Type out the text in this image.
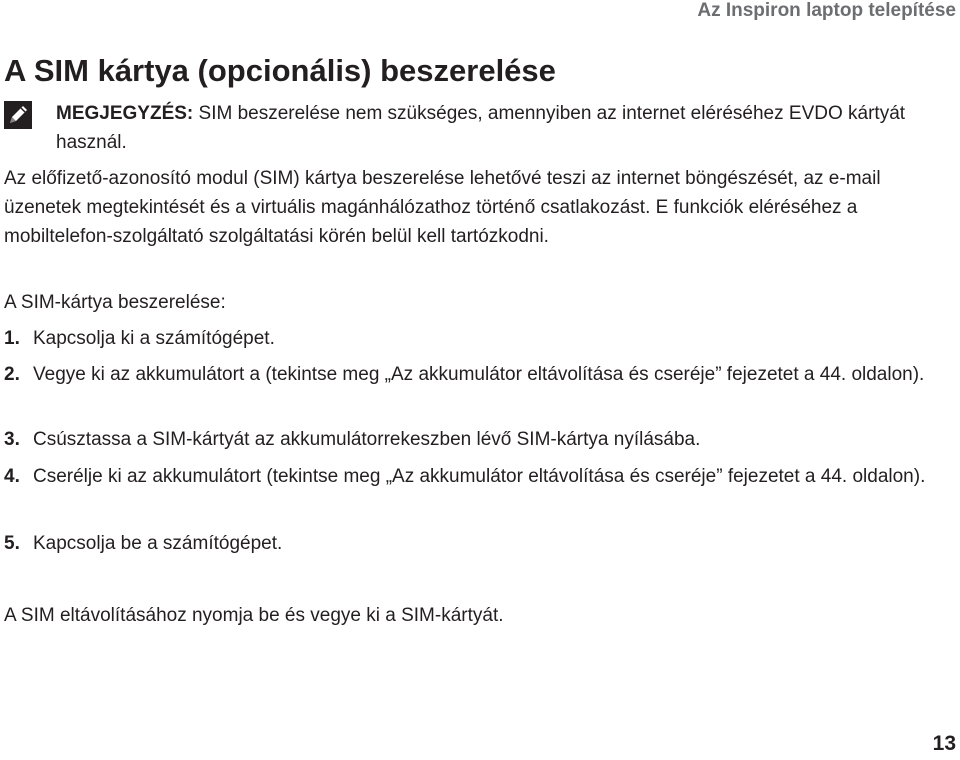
Az Inspiron laptop telepítése
A SIM kártya (opcionális) beszerelése
MEGJEGYZÉS: SIM beszerelése nem szükséges, amennyiben az internet eléréséhez EVDO kártyát használ.

Az előfizető-azonosító modul (SIM) kártya beszerelése lehetővé teszi az internet böngészését, az e-mail üzenetek megtekintését és a virtuális magánhálózathoz történő csatlakozást. E funkciók eléréséhez a mobiltelefon-szolgáltató szolgáltatási körén belül kell tartózkodni.

A SIM-kártya beszerelése:

1. Kapcsolja ki a számítógépet.
2. Vegye ki az akkumulátort a (tekintse meg „Az akkumulátor eltávolítása és cseréje” fejezetet a 44. oldalon).
3. Csúsztassa a SIM-kártyát az akkumulátorrekeszben lévő SIM-kártya nyílásába.
4. Cserélje ki az akkumulátort (tekintse meg „Az akkumulátor eltávolítása és cseréje” fejezetet a 44. oldalon).
5. Kapcsolja be a számítógépet.

A SIM eltávolításához nyomja be és vegye ki a SIM-kártyát.

13
